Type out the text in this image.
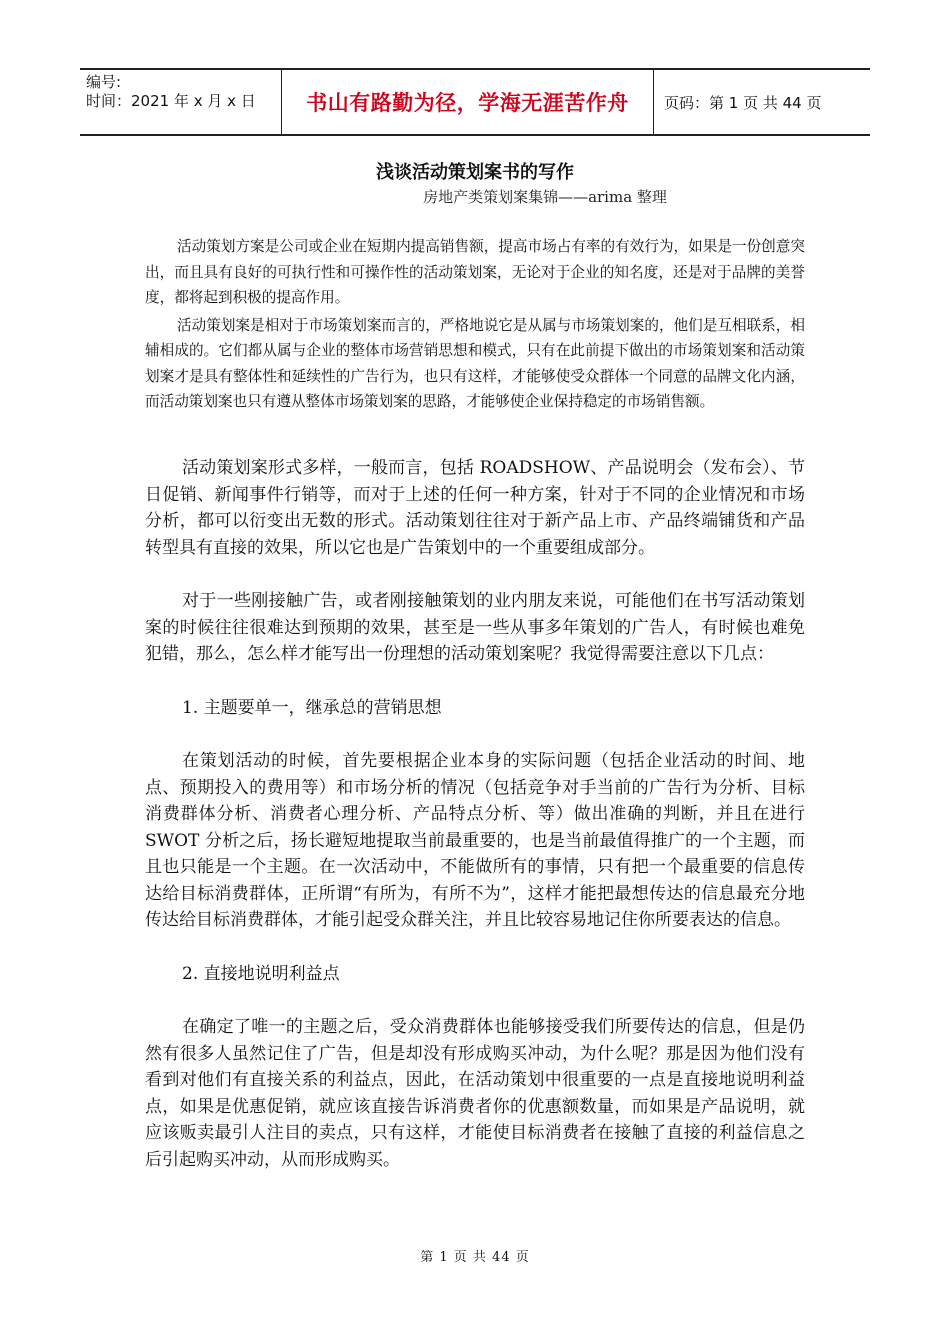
编号:
时间：2021 年 x 月 x 日	书山有路勤为径，学海无涯苦作舟	页码：第 1 页 共 44 页
浅谈活动策划案书的写作
房地产类策划案集锦——arima 整理

活动策划方案是公司或企业在短期内提高销售额，提高市场占有率的有效行为，如果是一份创意突出，而且具有良好的可执行性和可操作性的活动策划案，无论对于企业的知名度，还是对于品牌的美誉度，都将起到积极的提高作用。

活动策划案是相对于市场策划案而言的，严格地说它是从属与市场策划案的，他们是互相联系，相辅相成的。它们都从属与企业的整体市场营销思想和模式，只有在此前提下做出的市场策划案和活动策划案才是具有整体性和延续性的广告行为，也只有这样，才能够使受众群体一个同意的品牌文化内涵，而活动策划案也只有遵从整体市场策划案的思路，才能够使企业保持稳定的市场销售额。

活动策划案形式多样，一般而言，包括 ROADSHOW、产品说明会（发布会）、节日促销、新闻事件行销等，而对于上述的任何一种方案，针对于不同的企业情况和市场分析，都可以衍变出无数的形式。活动策划往往对于新产品上市、产品终端铺货和产品转型具有直接的效果，所以它也是广告策划中的一个重要组成部分。

对于一些刚接触广告，或者刚接触策划的业内朋友来说，可能他们在书写活动策划案的时候往往很难达到预期的效果，甚至是一些从事多年策划的广告人，有时候也难免犯错，那么，怎么样才能写出一份理想的活动策划案呢？我觉得需要注意以下几点：

1. 主题要单一，继承总的营销思想

在策划活动的时候，首先要根据企业本身的实际问题（包括企业活动的时间、地点、预期投入的费用等）和市场分析的情况（包括竞争对手当前的广告行为分析、目标消费群体分析、消费者心理分析、产品特点分析、等）做出准确的判断，并且在进行 SWOT 分析之后，扬长避短地提取当前最重要的，也是当前最值得推广的一个主题，而且也只能是一个主题。在一次活动中，不能做所有的事情，只有把一个最重要的信息传达给目标消费群体，正所谓“有所为，有所不为”，这样才能把最想传达的信息最充分地传达给目标消费群体，才能引起受众群关注，并且比较容易地记住你所要表达的信息。

2. 直接地说明利益点

在确定了唯一的主题之后，受众消费群体也能够接受我们所要传达的信息，但是仍然有很多人虽然记住了广告，但是却没有形成购买冲动，为什么呢？那是因为他们没有看到对他们有直接关系的利益点，因此，在活动策划中很重要的一点是直接地说明利益点，如果是优惠促销，就应该直接告诉消费者你的优惠额数量，而如果是产品说明，就应该贩卖最引人注目的卖点，只有这样，才能使目标消费者在接触了直接的利益信息之后引起购买冲动，从而形成购买。

第 1 页 共 44 页
